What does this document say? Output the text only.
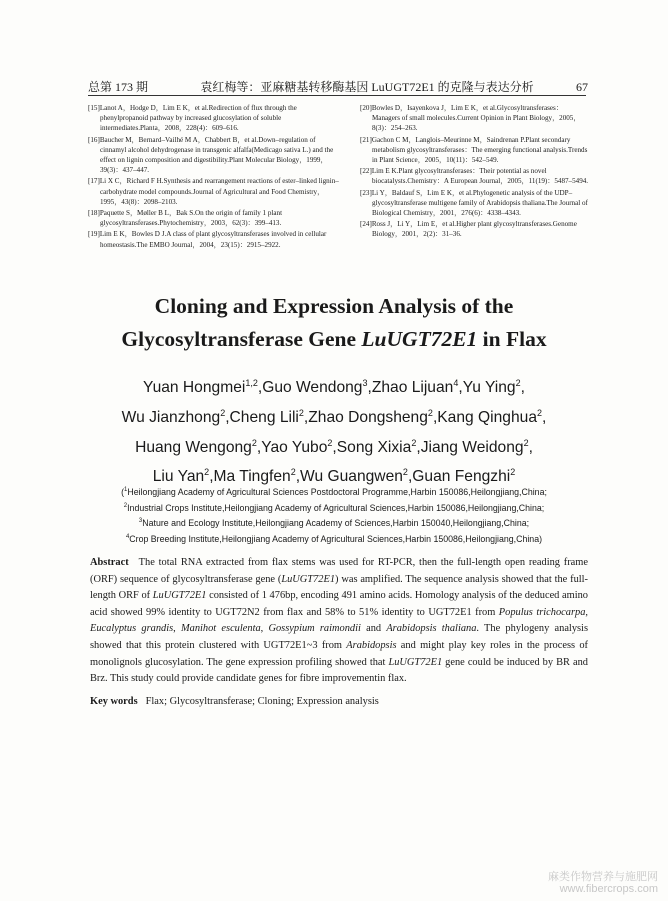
总第 173 期	袁红梅等：亚麻糖基转移酶基因 LuUGT72E1 的克隆与表达分析	67
[15]Lanot A，Hodge D，Lim E K，et al.Redirection of flux through the phenylpropanoid pathway by increased glucosylation of soluble intermediates.Planta，2008，228(4)：609–616.
[16]Baucher M，Bernard–Vailhé M A，Chabbert B，et al.Down–regulation of cinnamyl alcohol dehydrogenase in transgenic alfalfa(Medicago sativa L.) and the effect on lignin composition and digestibility.Plant Molecular Biology，1999，39(3)：437–447.
[17]Li X C，Richard F H.Synthesis and rearrangement reactions of ester–linked lignin–carbohydrate model compounds.Journal of Agricultural and Food Chemistry，1995，43(8)：2098–2103.
[18]Paquette S，Møller B L，Bak S.On the origin of family 1 plant glycosyltransferases.Phytochemistry，2003，62(3)：399–413.
[19]Lim E K，Bowles D J.A class of plant glycosyltransferases involved in cellular homeostasis.The EMBO Journal，2004，23(15)：2915–2922.
[20]Bowles D，Isayenkova J，Lim E K，et al.Glycosyltransferases：Managers of small molecules.Current Opinion in Plant Biology，2005，8(3)：254–263.
[21]Gachon C M，Langlois–Meurinne M，Saindrenan P.Plant secondary metabolism glycosyltransferases：The emerging functional analysis.Trends in Plant Science，2005，10(11)：542–549.
[22]Lim E K.Plant glycosyltransferases：Their potential as novel biocatalysts.Chemistry：A European Journal，2005，11(19)：5487–5494.
[23]Li Y，Baldauf S，Lim E K，et al.Phylogenetic analysis of the UDP–glycosyltransferase multigene family of Arabidopsis thaliana.The Journal of Biological Chemistry，2001，276(6)：4338–4343.
[24]Ross J，Li Y，Lim E，et al.Higher plant glycosyltransferases.Genome Biology，2001，2(2)：31–36.
Cloning and Expression Analysis of the
Glycosyltransferase Gene LuUGT72E1 in Flax
Yuan Hongmei$^{1,2}$,Guo Wendong$^3$,Zhao Lijuan$^4$,Yu Ying$^2$,
Wu Jianzhong$^2$,Cheng Lili$^2$,Zhao Dongsheng$^2$,Kang Qinghua$^2$,
Huang Wengong$^2$,Yao Yubo$^2$,Song Xixia$^2$,Jiang Weidong$^2$,
Liu Yan$^2$,Ma Tingfen$^2$,Wu Guangwen$^2$,Guan Fengzhi$^2$
($^1$Heilongjiang Academy of Agricultural Sciences Postdoctoral Programme,Harbin 150086,Heilongjiang,China;
$^2$Industrial Crops Institute,Heilongjiang Academy of Agricultural Sciences,Harbin 150086,Heilongjiang,China;
$^3$Nature and Ecology Institute,Heilongjiang Academy of Sciences,Harbin 150040,Heilongjiang,China;
$^4$Crop Breeding Institute,Heilongjiang Academy of Agricultural Sciences,Harbin 150086,Heilongjiang,China)
Abstract The total RNA extracted from flax stems was used for RT-PCR, then the full-length open reading frame (ORF) sequence of glycosyltransferase gene (LuUGT72E1) was amplified. The sequence analysis showed that the full-length ORF of LuUGT72E1 consisted of 1 476bp, encoding 491 amino acids. Homology analysis of the deduced amino acid showed 99% identity to UGT72N2 from flax and 58% to 51% identity to UGT72E1 from Populus trichocarpa, Eucalyptus grandis, Manihot esculenta, Gossypium raimondii and Arabidopsis thaliana. The phylogeny analysis showed that this protein clustered with UGT72E1~3 from Arabidopsis and might play key roles in the process of monolignols glucosylation. The gene expression profiling showed that LuUGT72E1 gene could be induced by BR and Brz. This study could provide candidate genes for fibre improvementin flax.
Key words Flax; Glycosyltransferase; Cloning; Expression analysis
麻类作物营养与施肥网
www.fibercrops.com
